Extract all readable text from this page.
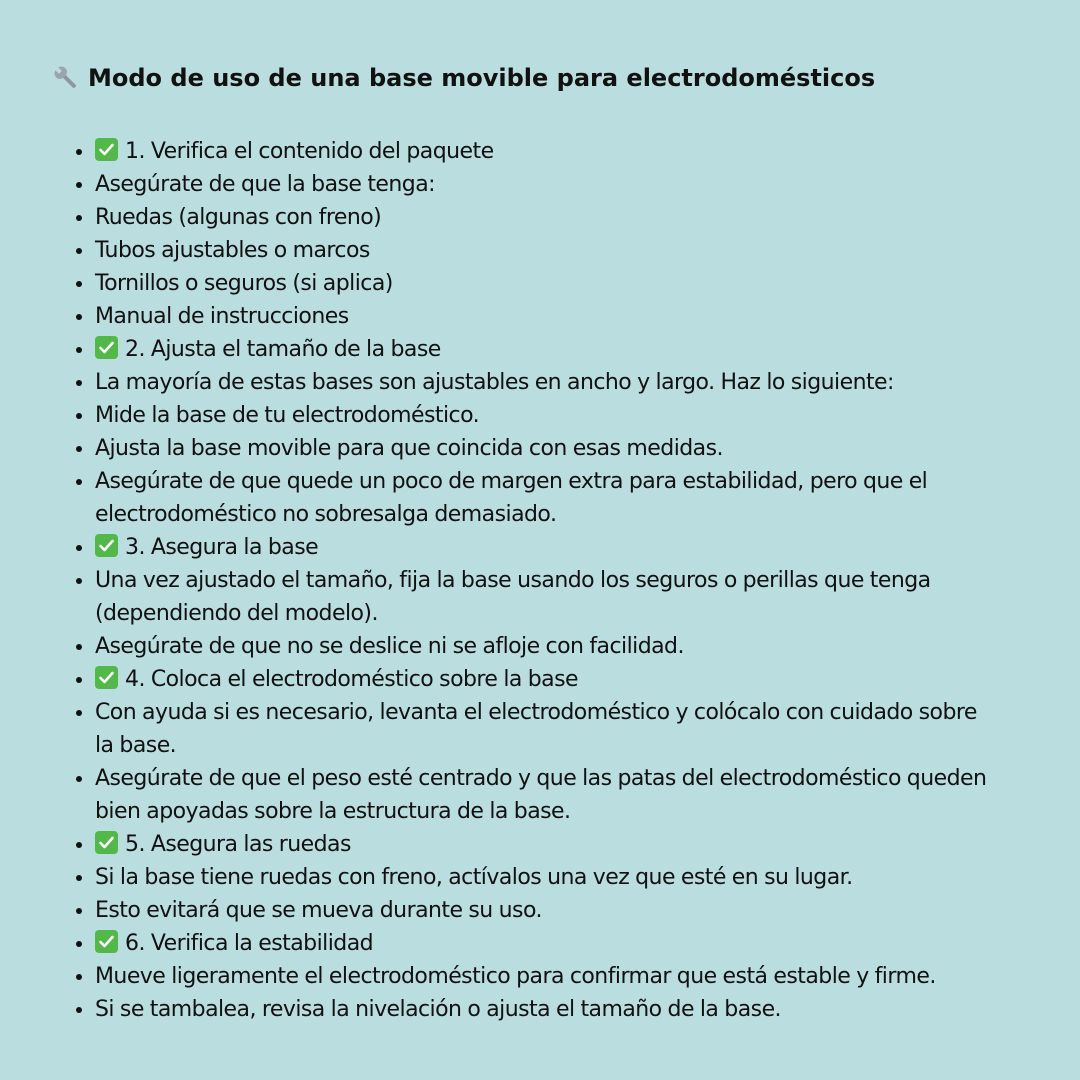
Modo de uso de una base movible para electrodomésticos
• 1. Verifica el contenido del paquete
• Asegúrate de que la base tenga:
• Ruedas (algunas con freno)
• Tubos ajustables o marcos
• Tornillos o seguros (si aplica)
• Manual de instrucciones
• 2. Ajusta el tamaño de la base
• La mayoría de estas bases son ajustables en ancho y largo. Haz lo siguiente:
• Mide la base de tu electrodoméstico.
• Ajusta la base movible para que coincida con esas medidas.
• Asegúrate de que quede un poco de margen extra para estabilidad, pero que el electrodoméstico no sobresalga demasiado.
• 3. Asegura la base
• Una vez ajustado el tamaño, fija la base usando los seguros o perillas que tenga (dependiendo del modelo).
• Asegúrate de que no se deslice ni se afloje con facilidad.
• 4. Coloca el electrodoméstico sobre la base
• Con ayuda si es necesario, levanta el electrodoméstico y colócalo con cuidado sobre la base.
• Asegúrate de que el peso esté centrado y que las patas del electrodoméstico queden bien apoyadas sobre la estructura de la base.
• 5. Asegura las ruedas
• Si la base tiene ruedas con freno, actívalos una vez que esté en su lugar.
• Esto evitará que se mueva durante su uso.
• 6. Verifica la estabilidad
• Mueve ligeramente el electrodoméstico para confirmar que está estable y firme.
• Si se tambalea, revisa la nivelación o ajusta el tamaño de la base.
